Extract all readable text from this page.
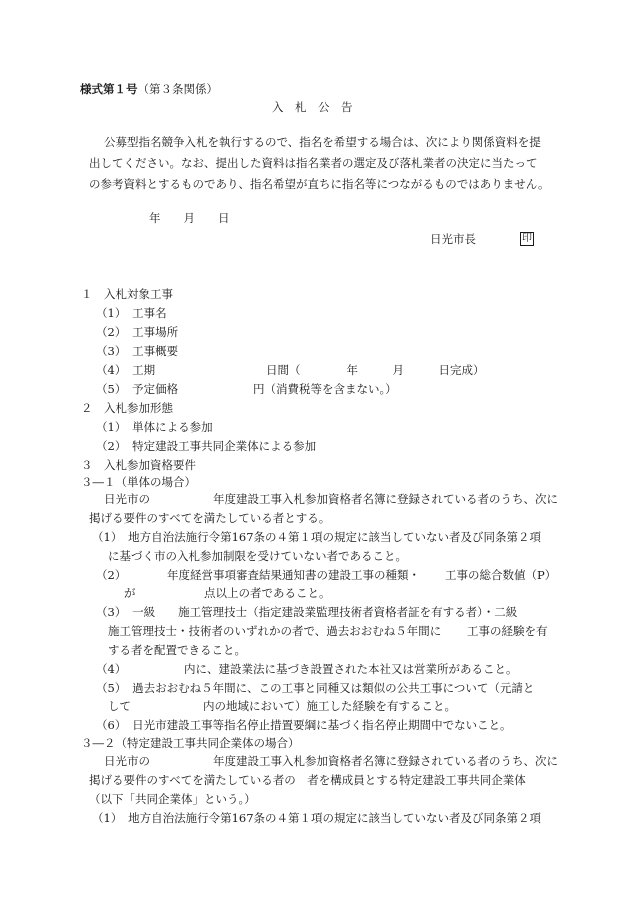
様式第１号（第３条関係）
入　札　公　告
公募型指名競争入札を執行するので、指名を希望する場合は、次により関係資料を提
出してください。なお、提出した資料は指名業者の選定及び落札業者の決定に当たって
の参考資料とするものであり、指名希望が直ちに指名等につながるものではありません。
年　　月　　日
日光市長	印
１　入札対象工事
（1）　工事名
（2）　工事場所
（3）　工事概要
（4）　工期	日間（　　　　年　　　月　　　日完成）
（5）　予定価格	円（消費税等を含まない。）
２　入札参加形態
（1）　単体による参加
（2）　特定建設工事共同企業体による参加
３　入札参加資格要件
３―１（単体の場合）
日光市の	年度建設工事入札参加資格者名簿に登録されている者のうち、次に
掲げる要件のすべてを満たしている者とする。
（1）　地方自治法施行令第167条の４第１項の規定に該当していない者及び同条第２項
に基づく市の入札参加制限を受けていない者であること。
（2）	年度経営事項審査結果通知書の建設工事の種類・ 工事の総合数値（P）
が	点以上の者であること。
（3）　一級　　施工管理技士（指定建設業監理技術者資格者証を有する者）・二級
施工管理技士・技術者のいずれかの者で、過去おおむね５年間に 工事の経験を有
する者を配置できること。
（4）	内に、建設業法に基づき設置された本社又は営業所があること。
（5）　過去おおむね５年間に、この工事と同種又は類似の公共工事について（元請と
して	内の地域において）施工した経験を有すること。
（6）　日光市建設工事等指名停止措置要綱に基づく指名停止期間中でないこと。
３―２（特定建設工事共同企業体の場合）
日光市の	年度建設工事入札参加資格者名簿に登録されている者のうち、次に
掲げる要件のすべてを満たしている者の　者を構成員とする特定建設工事共同企業体
（以下「共同企業体」という。）
（1）　地方自治法施行令第167条の４第１項の規定に該当していない者及び同条第２項
